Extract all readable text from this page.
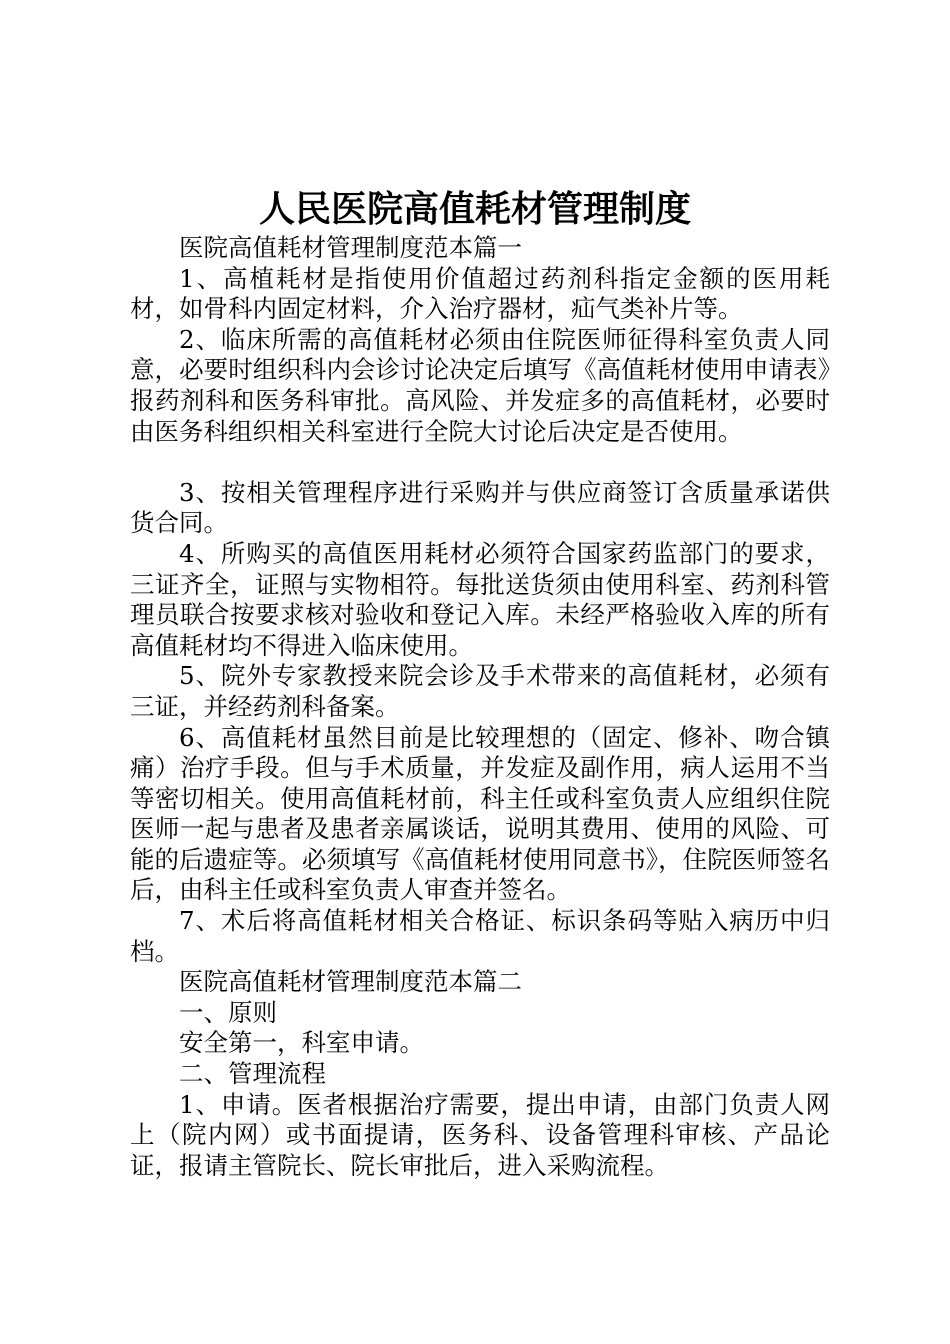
人民医院高值耗材管理制度

医院高值耗材管理制度范本篇一

1、高植耗材是指使用价值超过药剂科指定金额的医用耗材，如骨科内固定材料，介入治疗器材，疝气类补片等。

2、临床所需的高值耗材必须由住院医师征得科室负责人同意，必要时组织科内会诊讨论决定后填写《高值耗材使用申请表》报药剂科和医务科审批。高风险、并发症多的高值耗材，必要时由医务科组织相关科室进行全院大讨论后决定是否使用。

3、按相关管理程序进行采购并与供应商签订含质量承诺供货合同。

4、所购买的高值医用耗材必须符合国家药监部门的要求，三证齐全，证照与实物相符。每批送货须由使用科室、药剂科管理员联合按要求核对验收和登记入库。未经严格验收入库的所有高值耗材均不得进入临床使用。

5、院外专家教授来院会诊及手术带来的高值耗材，必须有三证，并经药剂科备案。

6、高值耗材虽然目前是比较理想的（固定、修补、吻合镇痛）治疗手段。但与手术质量，并发症及副作用，病人运用不当等密切相关。使用高值耗材前，科主任或科室负责人应组织住院医师一起与患者及患者亲属谈话，说明其费用、使用的风险、可能的后遗症等。必须填写《高值耗材使用同意书》，住院医师签名后，由科主任或科室负责人审查并签名。

7、术后将高值耗材相关合格证、标识条码等贴入病历中归档。

医院高值耗材管理制度范本篇二

一、原则

安全第一，科室申请。

二、管理流程

1、申请。医者根据治疗需要，提出申请，由部门负责人网上（院内网）或书面提请，医务科、设备管理科审核、产品论证，报请主管院长、院长审批后，进入采购流程。
